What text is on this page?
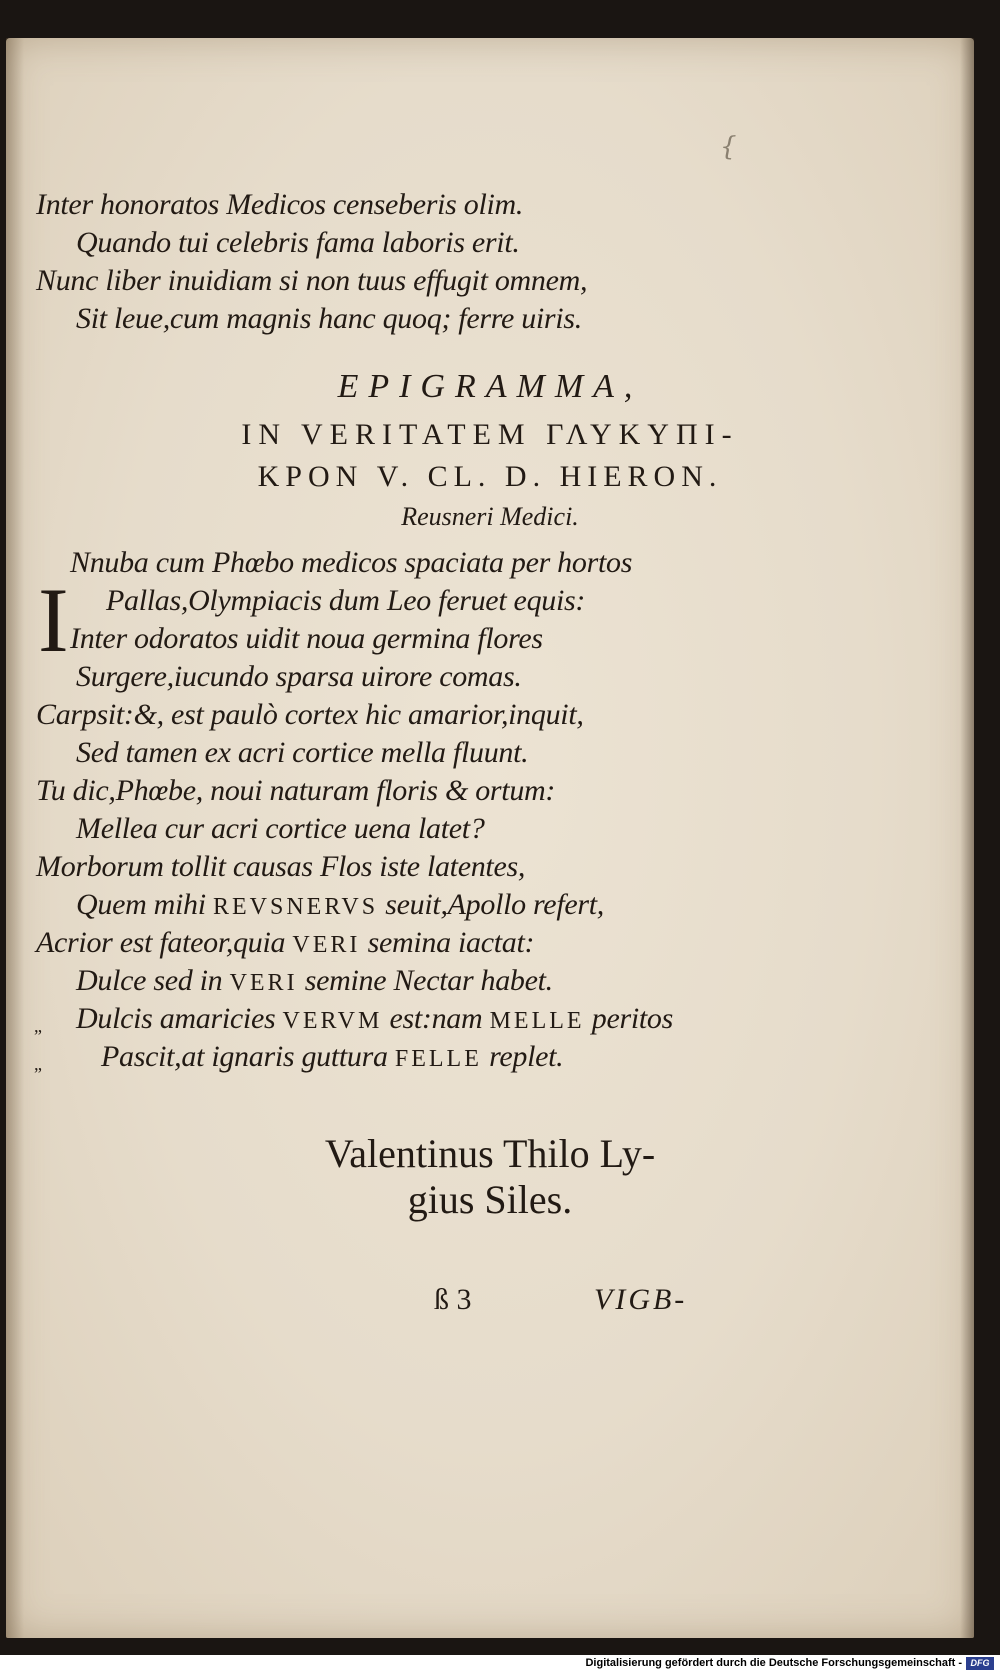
{
Inter honoratos Medicos censeberis olim.
Quando tui celebris fama laboris erit.
Nunc liber inuidiam si non tuus effugit omnem,
Sit leue,cum magnis hanc quoq; ferre uiris.
EPIGRAMMA,
IN VERITATEM ΓΛΥΚΥΠΙ-
ΚΡΟΝ V. CL. D. HIERON.
Reusneri Medici.
I
Nnuba cum Phœbo medicos spaciata per hortos
Pallas,Olympiacis dum Leo feruet equis:
Inter odoratos uidit noua germina flores
Surgere,iucundo sparsa uirore comas.
Carpsit:&, est paulò cortex hic amarior,inquit,
Sed tamen ex acri cortice mella fluunt.
Tu dic,Phœbe, noui naturam floris & ortum:
Mellea cur acri cortice uena latet?
Morborum tollit causas Flos iste latentes,
Quem mihi REVSNERVS seuit,Apollo refert,
Acrior est fateor,quia VERI semina iactat:
Dulce sed in VERI semine Nectar habet.
„ Dulcis amaricies VERVM est:nam MELLE peritos
„ Pascit,at ignaris guttura FELLE replet.
Valentinus Thilo Ly-
gius Siles.
ß 3	VIGB-
Digitalisierung gefördert durch die Deutsche Forschungsgemeinschaft - DFG
